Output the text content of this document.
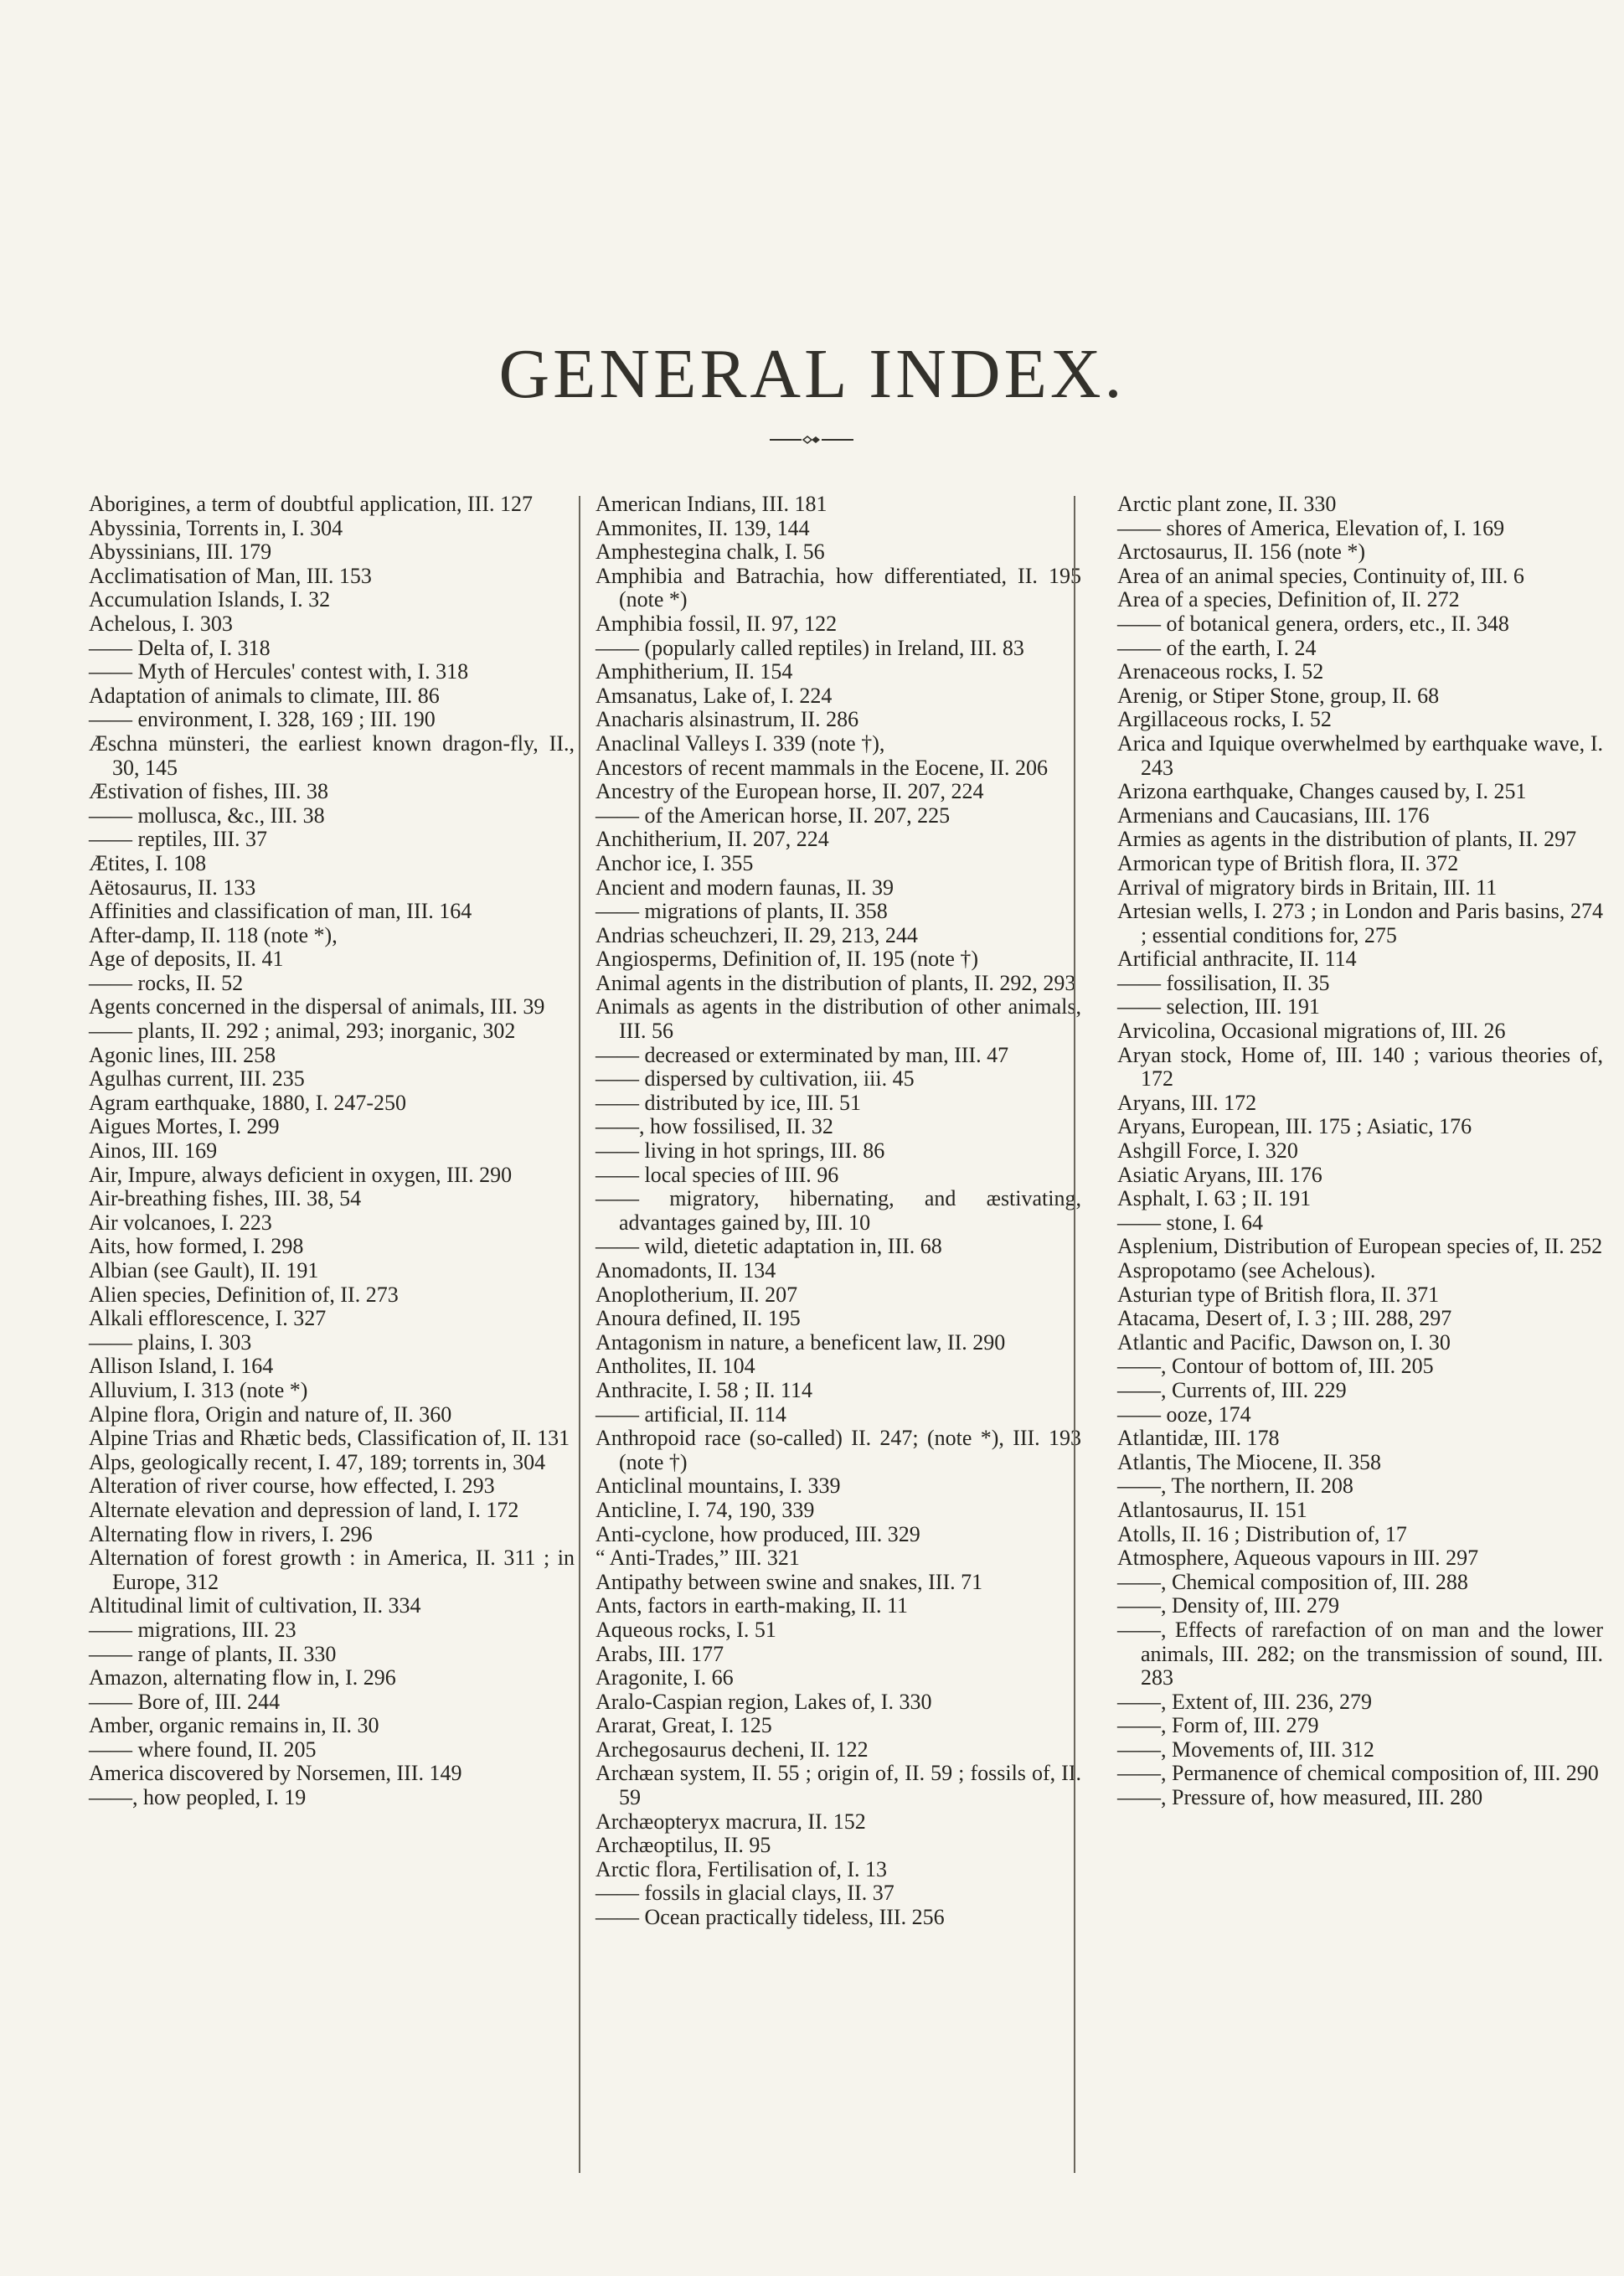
GENERAL INDEX.

Aborigines, a term of doubtful application, III. 127

Abyssinia, Torrents in, I. 304

Abyssinians, III. 179

Acclimatisation of Man, III. 153

Accumulation Islands, I. 32

Achelous, I. 303

—— Delta of, I. 318

—— Myth of Hercules' contest with, I. 318

Adaptation of animals to climate, III. 86

—— environment, I. 328, 169 ; III. 190

Æschna münsteri, the earliest known dragon-fly, II., 30, 145

Æstivation of fishes, III. 38

—— mollusca, &c., III. 38

—— reptiles, III. 37

Ætites, I. 108

Aëtosaurus, II. 133

Affinities and classification of man, III. 164

After-damp, II. 118 (note *),

Age of deposits, II. 41

—— rocks, II. 52

Agents concerned in the dispersal of animals, III. 39

—— plants, II. 292 ; animal, 293; inorganic, 302

Agonic lines, III. 258

Agulhas current, III. 235

Agram earthquake, 1880, I. 247-250

Aigues Mortes, I. 299

Ainos, III. 169

Air, Impure, always deficient in oxygen, III. 290

Air-breathing fishes, III. 38, 54

Air volcanoes, I. 223

Aits, how formed, I. 298

Albian (see Gault), II. 191

Alien species, Definition of, II. 273

Alkali efflorescence, I. 327

—— plains, I. 303

Allison Island, I. 164

Alluvium, I. 313 (note *)

Alpine flora, Origin and nature of, II. 360

Alpine Trias and Rhætic beds, Classification of, II. 131

Alps, geologically recent, I. 47, 189; torrents in, 304

Alteration of river course, how effected, I. 293

Alternate elevation and depression of land, I. 172

Alternating flow in rivers, I. 296

Alternation of forest growth : in America, II. 311 ; in Europe, 312

Altitudinal limit of cultivation, II. 334

—— migrations, III. 23

—— range of plants, II. 330

Amazon, alternating flow in, I. 296

—— Bore of, III. 244

Amber, organic remains in, II. 30

—— where found, II. 205

America discovered by Norsemen, III. 149

——, how peopled, I. 19

American Indians, III. 181

Ammonites, II. 139, 144

Amphestegina chalk, I. 56

Amphibia and Batrachia, how differentiated, II. 195 (note *)

Amphibia fossil, II. 97, 122

—— (popularly called reptiles) in Ireland, III. 83

Amphitherium, II. 154

Amsanatus, Lake of, I. 224

Anacharis alsinastrum, II. 286

Anaclinal Valleys I. 339 (note †),

Ancestors of recent mammals in the Eocene, II. 206

Ancestry of the European horse, II. 207, 224

—— of the American horse, II. 207, 225

Anchitherium, II. 207, 224

Anchor ice, I. 355

Ancient and modern faunas, II. 39

—— migrations of plants, II. 358

Andrias scheuchzeri, II. 29, 213, 244

Angiosperms, Definition of, II. 195 (note †)

Animal agents in the distribution of plants, II. 292, 293

Animals as agents in the distribution of other animals, III. 56

—— decreased or exterminated by man, III. 47

—— dispersed by cultivation, iii. 45

—— distributed by ice, III. 51

——, how fossilised, II. 32

—— living in hot springs, III. 86

—— local species of III. 96

—— migratory, hibernating, and æstivating, advantages gained by, III. 10

—— wild, dietetic adaptation in, III. 68

Anomadonts, II. 134

Anoplotherium, II. 207

Anoura defined, II. 195

Antagonism in nature, a beneficent law, II. 290

Antholites, II. 104

Anthracite, I. 58 ; II. 114

—— artificial, II. 114

Anthropoid race (so-called) II. 247; (note *), III. 193 (note †)

Anticlinal mountains, I. 339

Anticline, I. 74, 190, 339

Anti-cyclone, how produced, III. 329

“ Anti-Trades,” III. 321

Antipathy between swine and snakes, III. 71

Ants, factors in earth-making, II. 11

Aqueous rocks, I. 51

Arabs, III. 177

Aragonite, I. 66

Aralo-Caspian region, Lakes of, I. 330

Ararat, Great, I. 125

Archegosaurus decheni, II. 122

Archæan system, II. 55 ; origin of, II. 59 ; fossils of, II. 59

Archæopteryx macrura, II. 152

Archæoptilus, II. 95

Arctic flora, Fertilisation of, I. 13

—— fossils in glacial clays, II. 37

—— Ocean practically tideless, III. 256

Arctic plant zone, II. 330

—— shores of America, Elevation of, I. 169

Arctosaurus, II. 156 (note *)

Area of an animal species, Continuity of, III. 6

Area of a species, Definition of, II. 272

—— of botanical genera, orders, etc., II. 348

—— of the earth, I. 24

Arenaceous rocks, I. 52

Arenig, or Stiper Stone, group, II. 68

Argillaceous rocks, I. 52

Arica and Iquique overwhelmed by earthquake wave, I. 243

Arizona earthquake, Changes caused by, I. 251

Armenians and Caucasians, III. 176

Armies as agents in the distribution of plants, II. 297

Armorican type of British flora, II. 372

Arrival of migratory birds in Britain, III. 11

Artesian wells, I. 273 ; in London and Paris basins, 274 ; essential conditions for, 275

Artificial anthracite, II. 114

—— fossilisation, II. 35

—— selection, III. 191

Arvicolina, Occasional migrations of, III. 26

Aryan stock, Home of, III. 140 ; various theories of, 172

Aryans, III. 172

Aryans, European, III. 175 ; Asiatic, 176

Ashgill Force, I. 320

Asiatic Aryans, III. 176

Asphalt, I. 63 ; II. 191

—— stone, I. 64

Asplenium, Distribution of European species of, II. 252

Aspropotamo (see Achelous).

Asturian type of British flora, II. 371

Atacama, Desert of, I. 3 ; III. 288, 297

Atlantic and Pacific, Dawson on, I. 30

——, Contour of bottom of, III. 205

——, Currents of, III. 229

—— ooze, 174

Atlantidæ, III. 178

Atlantis, The Miocene, II. 358

——, The northern, II. 208

Atlantosaurus, II. 151

Atolls, II. 16 ; Distribution of, 17

Atmosphere, Aqueous vapours in III. 297

——, Chemical composition of, III. 288

——, Density of, III. 279

——, Effects of rarefaction of on man and the lower animals, III. 282; on the transmission of sound, III. 283

——, Extent of, III. 236, 279

——, Form of, III. 279

——, Movements of, III. 312

——, Permanence of chemical composition of, III. 290

——, Pressure of, how measured, III. 280
